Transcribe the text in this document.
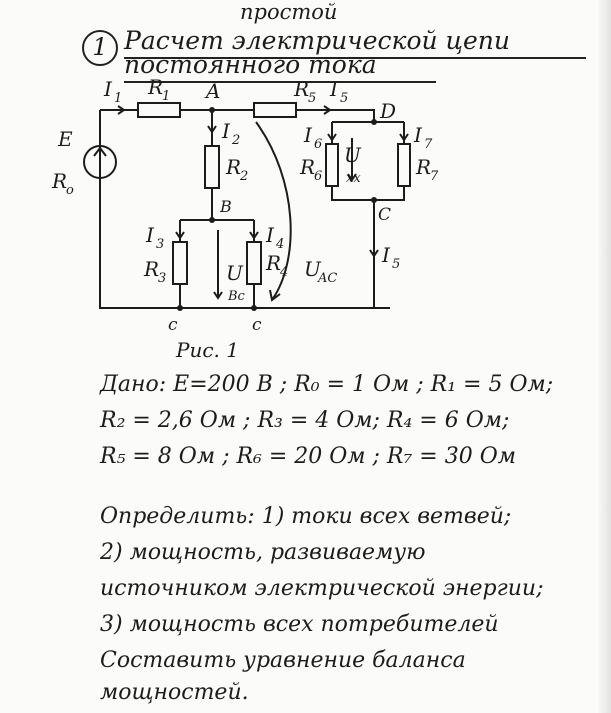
простой
1 Расчет электрической цепи
постоянного тока
E
R
o
I 1 R
1 A	R
5 I 5
D
I 2
R
2
I 6 U
xx
R
6
I 7
R
7
B	C
I 3
R
3	U
Bc
I 4
R
4 U
AC
I 5
c	c
Рис. 1
Дано: E=200 B ; R₀ = 1 Ом ; R₁ = 5 Ом;
R₂ = 2,6 Ом ; R₃ = 4 Ом; R₄ = 6 Ом;
R₅ = 8 Ом ; R₆ = 20 Ом ; R₇ = 30 Ом
Определить: 1) токи всех ветвей;
2) мощность, развиваемую
источником электрической энергии;
3) мощность всех потребителей
Составить уравнение баланса
мощностей.
